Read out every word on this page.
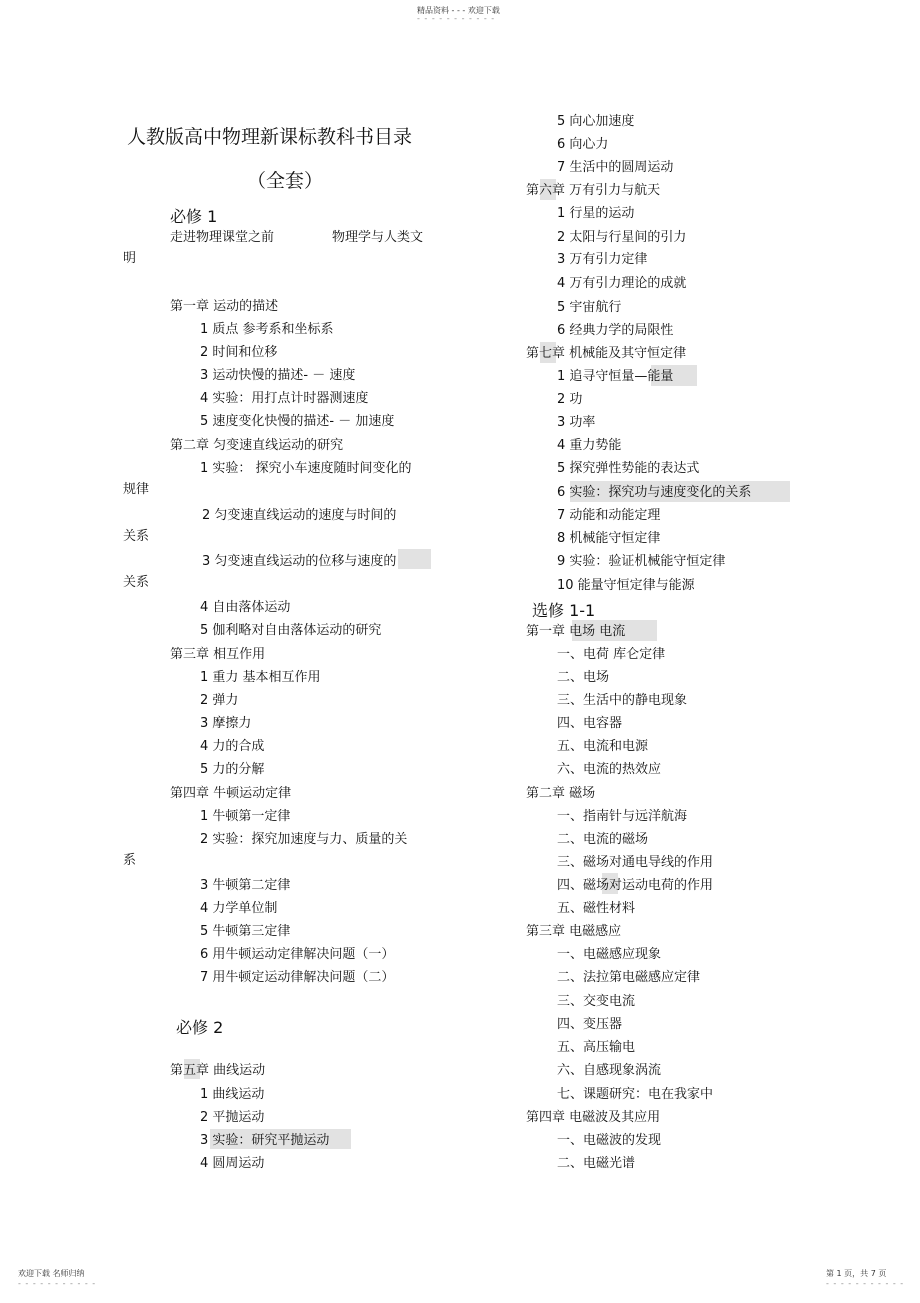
精品资料 - - - 欢迎下载
- - - - - - - - - - -
人教版高中物理新课标教科书目录
（全套）
必修 1
走进物理课堂之前	物理学与人类文
明
第一章 运动的描述
1 质点 参考系和坐标系
2 时间和位移
3 运动快慢的描述- － 速度
4 实验：用打点计时器测速度
5 速度变化快慢的描述- － 加速度
第二章 匀变速直线运动的研究
1 实验： 探究小车速度随时间变化的
规律
2 匀变速直线运动的速度与时间的
关系
3 匀变速直线运动的位移与速度的
关系
4 自由落体运动
5 伽利略对自由落体运动的研究
第三章 相互作用
1 重力 基本相互作用
2 弹力
3 摩擦力
4 力的合成
5 力的分解
第四章 牛顿运动定律
1 牛顿第一定律
2 实验：探究加速度与力、质量的关
系
3 牛顿第二定律
4 力学单位制
5 牛顿第三定律
6 用牛顿运动定律解决问题（一）
7 用牛顿定运动律解决问题（二）
必修 2
第五章 曲线运动
1 曲线运动
2 平抛运动
3 实验：研究平抛运动
4 圆周运动
5 向心加速度
6 向心力
7 生活中的圆周运动
第六章 万有引力与航天
1 行星的运动
2 太阳与行星间的引力
3 万有引力定律
4 万有引力理论的成就
5 宇宙航行
6 经典力学的局限性
第七章 机械能及其守恒定律
1 追寻守恒量—能量
2 功
3 功率
4 重力势能
5 探究弹性势能的表达式
6 实验：探究功与速度变化的关系
7 动能和动能定理
8 机械能守恒定律
9 实验：验证机械能守恒定律
10 能量守恒定律与能源
选修 1-1
第一章 电场 电流
一、电荷 库仑定律
二、电场
三、生活中的静电现象
四、电容器
五、电流和电源
六、电流的热效应
第二章 磁场
一、指南针与远洋航海
二、电流的磁场
三、磁场对通电导线的作用
四、磁场对运动电荷的作用
五、磁性材料
第三章 电磁感应
一、电磁感应现象
二、法拉第电磁感应定律
三、交变电流
四、变压器
五、高压输电
六、自感现象涡流
七、课题研究：电在我家中
第四章 电磁波及其应用
一、电磁波的发现
二、电磁光谱
欢迎下载 名师归纳
- - - - - - - - - - -
第 1 页，共 7 页
- - - - - - - - - - -
